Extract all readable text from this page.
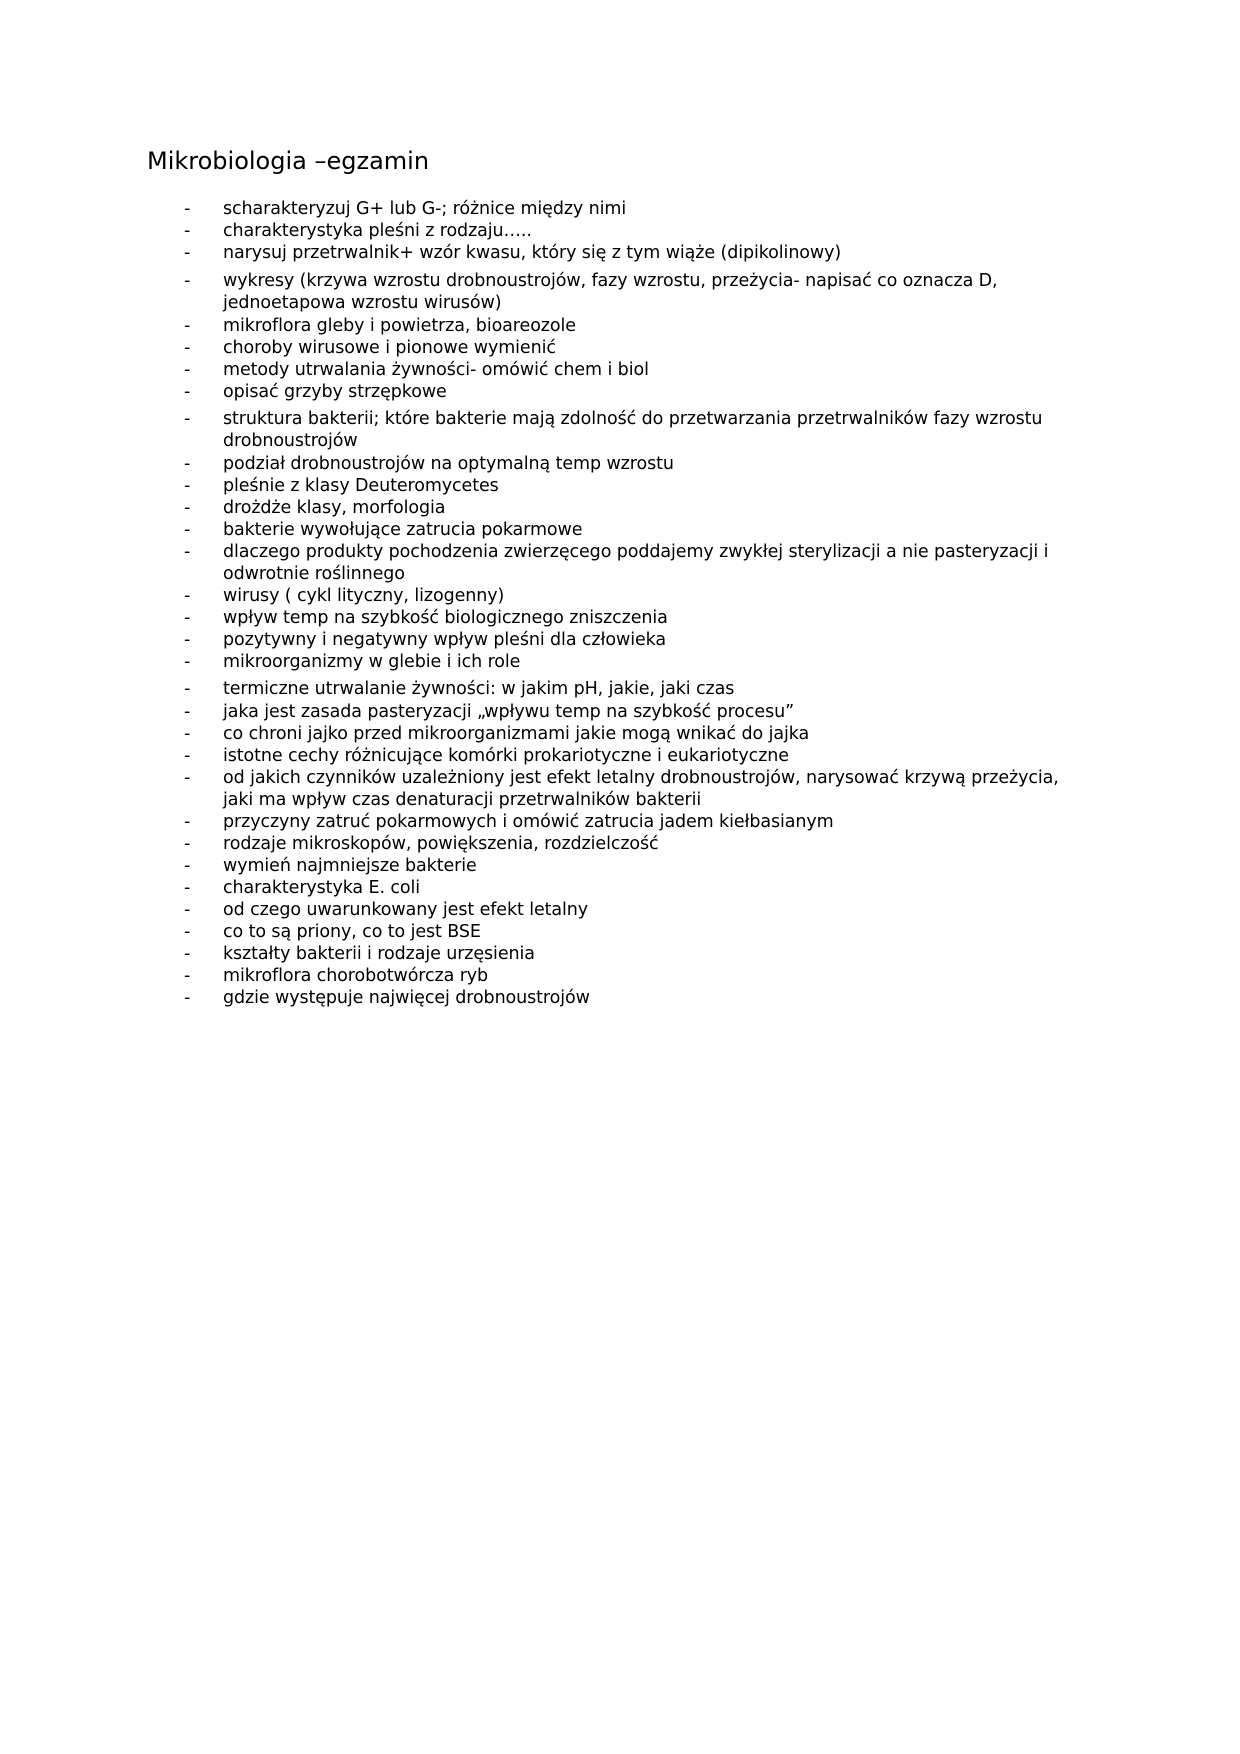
Mikrobiologia –egzamin
-	scharakteryzuj G+ lub G-; różnice między nimi
-	charakterystyka pleśni z rodzaju…..
-	narysuj przetrwalnik+ wzór kwasu, który się z tym wiąże (dipikolinowy)
-	wykresy (krzywa wzrostu drobnoustrojów, fazy wzrostu, przeżycia- napisać co oznacza D, jednoetapowa wzrostu wirusów)
-	mikroflora gleby i powietrza, bioareozole
-	choroby wirusowe i pionowe wymienić
-	metody utrwalania żywności- omówić chem i biol
-	opisać grzyby strzępkowe
-	struktura bakterii; które bakterie mają zdolność do przetwarzania przetrwalników fazy wzrostu drobnoustrojów
-	podział drobnoustrojów na optymalną temp wzrostu
-	pleśnie z klasy Deuteromycetes
-	drożdże klasy, morfologia
-	bakterie wywołujące zatrucia pokarmowe
-	dlaczego produkty pochodzenia zwierzęcego poddajemy zwykłej sterylizacji a nie pasteryzacji i odwrotnie roślinnego
-	wirusy ( cykl lityczny, lizogenny)
-	wpływ temp na szybkość biologicznego zniszczenia
-	pozytywny i negatywny wpływ pleśni dla człowieka
-	mikroorganizmy w glebie i ich role
-	termiczne utrwalanie żywności: w jakim pH, jakie, jaki czas
-	jaka jest zasada pasteryzacji „wpływu temp na szybkość procesu”
-	co chroni jajko przed mikroorganizmami jakie mogą wnikać do jajka
-	istotne cechy różnicujące komórki prokariotyczne i eukariotyczne
-	od jakich czynników uzależniony jest efekt letalny drobnoustrojów, narysować krzywą przeżycia, jaki ma wpływ czas denaturacji przetrwalników bakterii
-	przyczyny zatruć pokarmowych i omówić zatrucia jadem kiełbasianym
-	rodzaje mikroskopów, powiększenia, rozdzielczość
-	wymień najmniejsze bakterie
-	charakterystyka E. coli
-	od czego uwarunkowany jest efekt letalny
-	co to są priony, co to jest BSE
-	kształty bakterii i rodzaje urzęsienia
-	mikroflora chorobotwórcza ryb
-	gdzie występuje najwięcej drobnoustrojów
